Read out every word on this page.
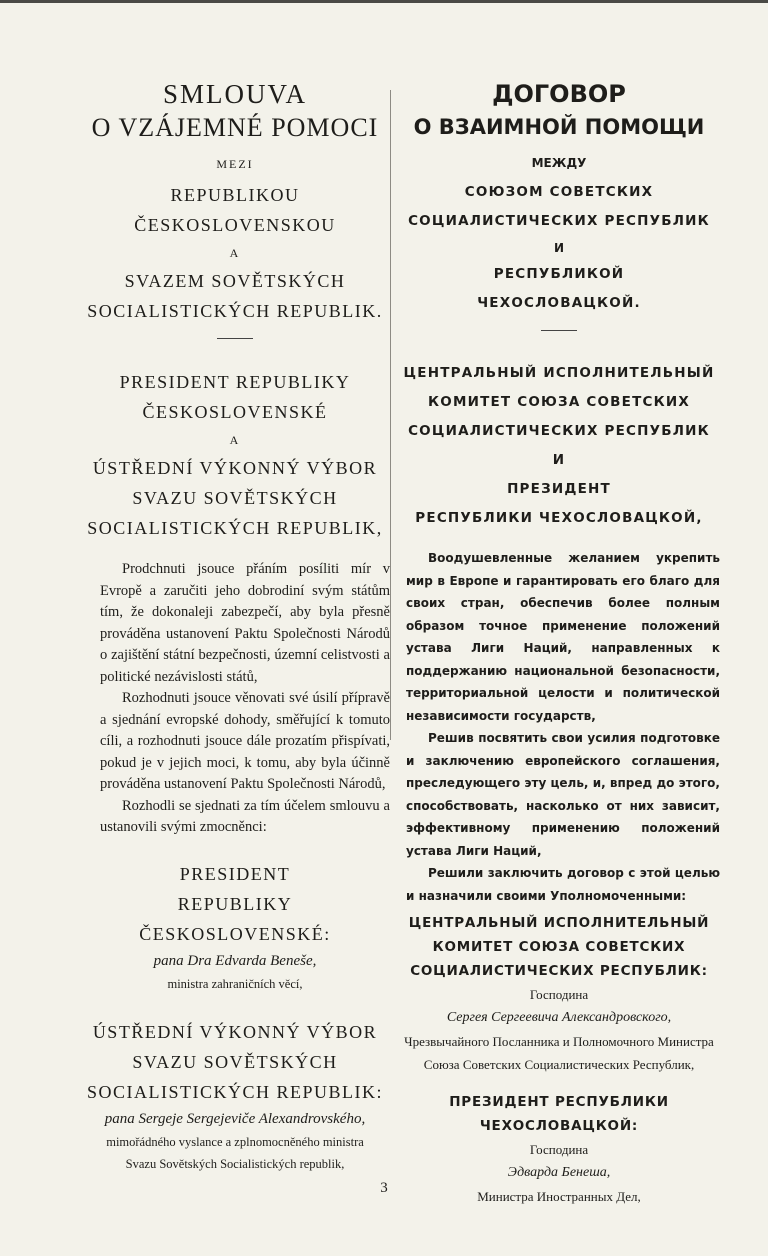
SMLOUVA
O VZÁJEMNÉ POMOCI
MEZI
REPUBLIKOU
ČESKOSLOVENSKOU
A
SVAZEM SOVĚTSKÝCH
SOCIALISTICKÝCH REPUBLIK.
PRESIDENT REPUBLIKY
ČESKOSLOVENSKÉ
A
ÚSTŘEDNÍ VÝKONNÝ VÝBOR
SVAZU SOVĚTSKÝCH
SOCIALISTICKÝCH REPUBLIK,

Prodchnuti jsouce přáním posíliti mír v Evropě a zaručiti jeho dobrodiní svým státům tím, že dokonaleji zabezpečí, aby byla přesně prováděna ustanovení Paktu Společnosti Národů o zajištění státní bezpečnosti, územní celistvosti a politické nezávislosti států,

Rozhodnuti jsouce věnovati své úsilí přípravě a sjednání evropské dohody, směřující k tomuto cíli, a rozhodnuti jsouce dále prozatím přispívati, pokud je v jejich moci, k tomu, aby byla účinně prováděna ustanovení Paktu Společnosti Národů,

Rozhodli se sjednati za tím účelem smlouvu a ustanovili svými zmocněnci:

PRESIDENT
REPUBLIKY ČESKOSLOVENSKÉ:
pana Dra Edvarda Beneše,
ministra zahraničních věcí,
ÚSTŘEDNÍ VÝKONNÝ VÝBOR
SVAZU SOVĚTSKÝCH
SOCIALISTICKÝCH REPUBLIK:
pana Sergeje Sergejeviče Alexandrovského,
mimořádného vyslance a zplnomocněného ministra Svazu Sovětských Socialistických republik,
ДОГОВОР
О ВЗАИМНОЙ ПОМОЩИ
МЕЖДУ
СОЮЗОМ СОВЕТСКИХ
СОЦИАЛИСТИЧЕСКИХ РЕСПУБЛИК
И
РЕСПУБЛИКОЙ
ЧЕХОСЛОВАЦКОЙ.
ЦЕНТРАЛЬНЫЙ ИСПОЛНИТЕЛЬНЫЙ
КОМИТЕТ СОЮЗА СОВЕТСКИХ
СОЦИАЛИСТИЧЕСКИХ РЕСПУБЛИК
И
ПРЕЗИДЕНТ
РЕСПУБЛИКИ ЧЕХОСЛОВАЦКОЙ,

Воодушевленные желанием укрепить мир в Европе и гарантировать его благо для своих стран, обеспечив более полным образом точное применение положений устава Лиги Наций, направленных к поддержанию национальной безопасности, территориальной целости и политической независимости государств,

Решив посвятить свои усилия подготовке и заключению европейского соглашения, преследующего эту цель, и, впред до этого, способствовать, насколько от них зависит, эффективному применению положений устава Лиги Наций,

Решили заключить договор с этой целью и назначили своими Уполномоченными:

ЦЕНТРАЛЬНЫЙ ИСПОЛНИТЕЛЬНЫЙ
КОМИТЕТ СОЮЗА СОВЕТСКИХ
СОЦИАЛИСТИЧЕСКИХ РЕСПУБЛИК:
Господина
Сергея Сергеевича Александровского,
Чрезвычайного Посланника и Полномочного Министра Союза Советских Социалистических Республик,
ПРЕЗИДЕНТ РЕСПУБЛИКИ
ЧЕХОСЛОВАЦКОЙ:
Господина
Эдварда Бенеша,
Министра Иностранных Дел,
3
